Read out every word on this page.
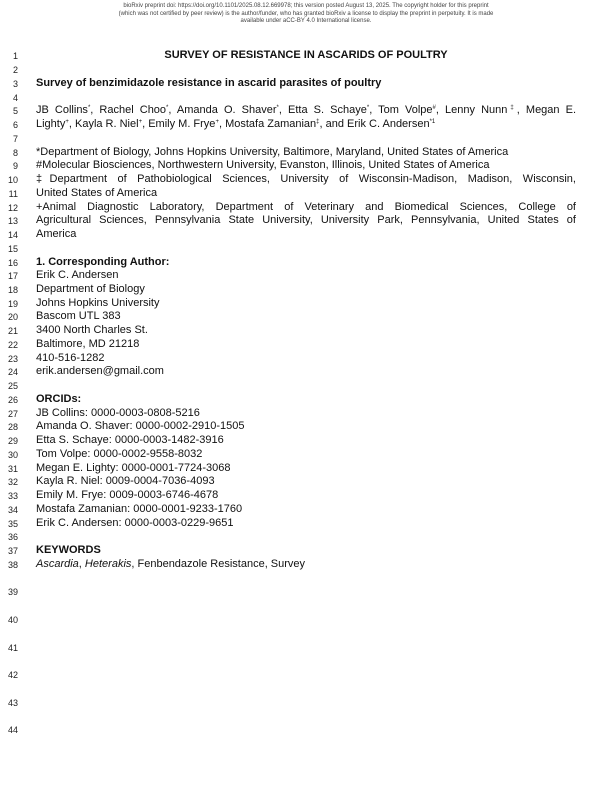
bioRxiv preprint doi: https://doi.org/10.1101/2025.08.12.669978; this version posted August 13, 2025. The copyright holder for this preprint
(which was not certified by peer review) is the author/funder, who has granted bioRxiv a license to display the preprint in perpetuity. It is made
available under aCC-BY 4.0 International license.
1
2
3
4
5
6
7
8
9
10
11
12
13
14
15
16
17
18
19
20
21
22
23
24
25
26
27
28
29
30
31
32
33
34
35
36
37
38
39
40
41
42
43
44
SURVEY OF RESISTANCE IN ASCARIDS OF POULTRY
Survey of benzimidazole resistance in ascarid parasites of poultry
JB Collins*, Rachel Choo*, Amanda O. Shaver*, Etta S. Schaye*, Tom Volpe#, Lenny Nunn‡, Megan E.
Lighty+, Kayla R. Niel+, Emily M. Frye+, Mostafa Zamanian‡, and Erik C. Andersen$^{*1}$
*Department of Biology, Johns Hopkins University, Baltimore, Maryland, United States of America
#Molecular Biosciences, Northwestern University, Evanston, Illinois, United States of America
‡Department of Pathobiological Sciences, University of Wisconsin-Madison, Madison, Wisconsin,
United States of America
+Animal Diagnostic Laboratory, Department of Veterinary and Biomedical Sciences, College of
Agricultural Sciences, Pennsylvania State University, University Park, Pennsylvania, United States of
America
1. Corresponding Author:
Erik C. Andersen
Department of Biology
Johns Hopkins University
Bascom UTL 383
3400 North Charles St.
Baltimore, MD 21218
410-516-1282
erik.andersen@gmail.com
ORCIDs:
JB Collins: 0000-0003-0808-5216
Amanda O. Shaver: 0000-0002-2910-1505
Etta S. Schaye: 0000-0003-1482-3916
Tom Volpe: 0000-0002-9558-8032
Megan E. Lighty: 0000-0001-7724-3068
Kayla R. Niel: 0009-0004-7036-4093
Emily M. Frye: 0009-0003-6746-4678
Mostafa Zamanian: 0000-0001-9233-1760
Erik C. Andersen: 0000-0003-0229-9651
KEYWORDS
Ascardia, Heterakis, Fenbendazole Resistance, Survey
